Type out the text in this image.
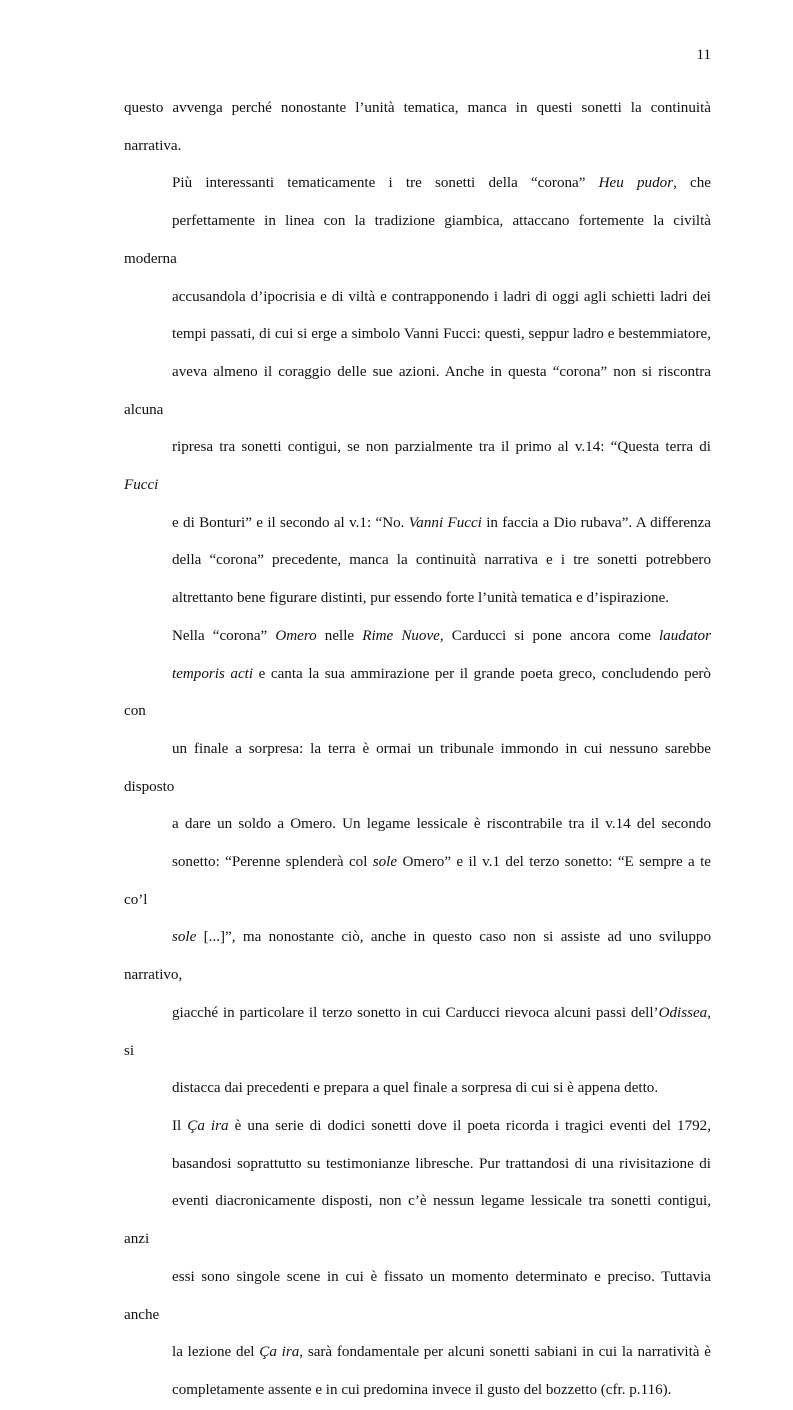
11

questo avvenga perché nonostante l’unità tematica, manca in questi sonetti la continuità
narrativa.

Più interessanti tematicamente i tre sonetti della “corona” Heu pudor, che
perfettamente in linea con la tradizione giambica, attaccano fortemente la civiltà moderna
accusandola d’ipocrisia e di viltà e contrapponendo i ladri di oggi agli schietti ladri dei
tempi passati, di cui si erge a simbolo Vanni Fucci: questi, seppur ladro e bestemmiatore,
aveva almeno il coraggio delle sue azioni. Anche in questa “corona” non si riscontra alcuna
ripresa tra sonetti contigui, se non parzialmente tra il primo al v.14: “Questa terra di Fucci
e di Bonturi” e il secondo al v.1: “No. Vanni Fucci in faccia a Dio rubava”. A differenza
della “corona” precedente, manca la continuità narrativa e i tre sonetti potrebbero
altrettanto bene figurare distinti, pur essendo forte l’unità tematica e d’ispirazione.

Nella “corona” Omero nelle Rime Nuove, Carducci si pone ancora come laudator
temporis acti e canta la sua ammirazione per il grande poeta greco, concludendo però con
un finale a sorpresa: la terra è ormai un tribunale immondo in cui nessuno sarebbe disposto
a dare un soldo a Omero. Un legame lessicale è riscontrabile tra il v.14 del secondo
sonetto: “Perenne splenderà col sole Omero” e il v.1 del terzo sonetto: “E sempre a te co’l
sole [...]”, ma nonostante ciò, anche in questo caso non si assiste ad uno sviluppo narrativo,
giacché in particolare il terzo sonetto in cui Carducci rievoca alcuni passi dell’Odissea, si
distacca dai precedenti e prepara a quel finale a sorpresa di cui si è appena detto.

Il Ça ira è una serie di dodici sonetti dove il poeta ricorda i tragici eventi del 1792,
basandosi soprattutto su testimonianze libresche. Pur trattandosi di una rivisitazione di
eventi diacronicamente disposti, non c’è nessun legame lessicale tra sonetti contigui, anzi
essi sono singole scene in cui è fissato un momento determinato e preciso. Tuttavia anche
la lezione del Ça ira, sarà fondamentale per alcuni sonetti sabiani in cui la narratività è
completamente assente e in cui predomina invece il gusto del bozzetto (cfr. p.116).
